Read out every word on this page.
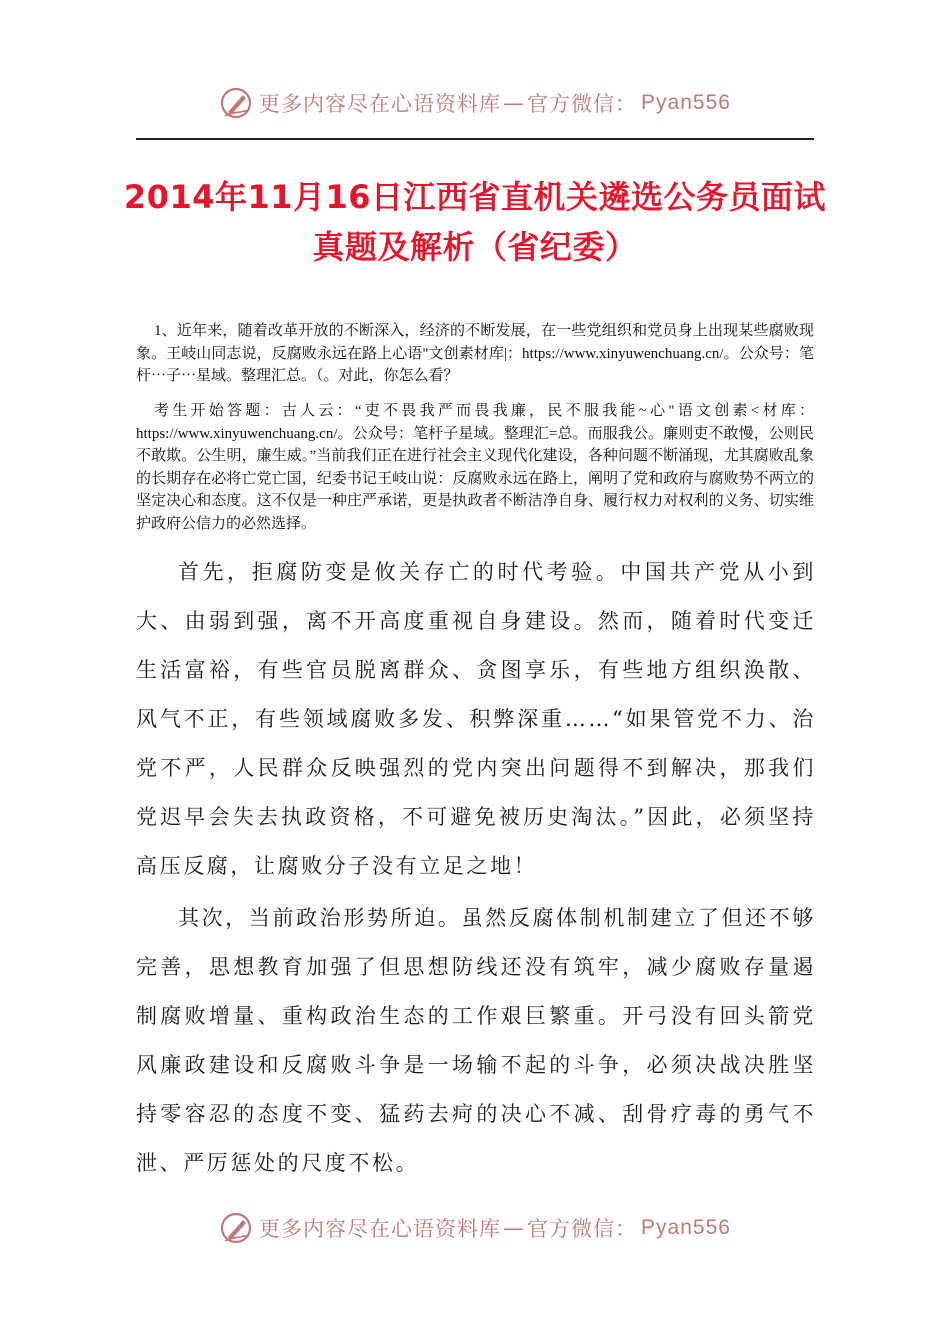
更多内容尽在心语资料库 — 官方微信： Pyan556
2014年11月16日江西省直机关遴选公务员面试真题及解析（省纪委）
1、近年来，随着改革开放的不断深入，经济的不断发展，在一些党组织和党员身上出现某些腐败现象。王岐山同志说，反腐败永远在路上心语"文创素材库|：https://www.xinyuwenchuang.cn/。公众号：笔杆⋯子⋯星域。整理汇总。（。对此，你怎么看？
考生开始答题：古人云：“吏不畏我严而畏我廉，民不服我能~心"语文创素<材库：https://www.xinyuwenchuang.cn/。公众号：笔杆子星域。整理汇=总。而服我公。廉则吏不敢慢，公则民不敢欺。公生明，廉生威。”当前我们正在进行社会主义现代化建设，各种问题不断涌现，尤其腐败乱象的长期存在必将亡党亡国，纪委书记王岐山说：反腐败永远在路上，阐明了党和政府与腐败势不两立的坚定决心和态度。这不仅是一种庄严承诺，更是执政者不断洁净自身、履行权力对权利的义务、切实维护政府公信力的必然选择。
首先，拒腐防变是攸关存亡的时代考验。中国共产党从小到大、由弱到强，离不开高度重视自身建设。然而，随着时代变迁生活富裕，有些官员脱离群众、贪图享乐，有些地方组织涣散、风气不正，有些领域腐败多发、积弊深重……“如果管党不力、治党不严，人民群众反映强烈的党内突出问题得不到解决，那我们党迟早会失去执政资格，不可避免被历史淘汰。”因此，必须坚持高压反腐，让腐败分子没有立足之地！
其次，当前政治形势所迫。虽然反腐体制机制建立了但还不够完善，思想教育加强了但思想防线还没有筑牢，减少腐败存量遏制腐败增量、重构政治生态的工作艰巨繁重。开弓没有回头箭党风廉政建设和反腐败斗争是一场输不起的斗争，必须决战决胜坚持零容忍的态度不变、猛药去疴的决心不减、刮骨疗毒的勇气不泄、严厉惩处的尺度不松。
更多内容尽在心语资料库 — 官方微信： Pyan556
